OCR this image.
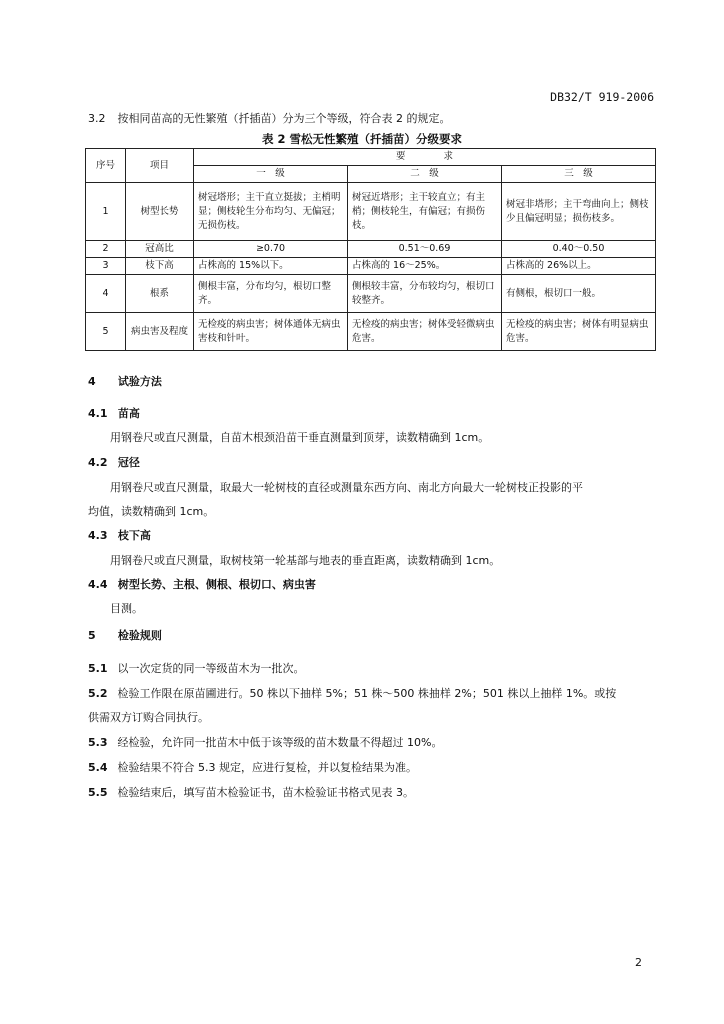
DB32/T 919-2006
3.2 按相同苗高的无性繁殖（扦插苗）分为三个等级，符合表 2 的规定。
表 2 雪松无性繁殖（扦插苗）分级要求
序号	项目	要　　　　求		
		一　级	二　级	三　级
1	树型长势	树冠塔形；主干直立挺拔；主梢明显；侧枝轮生分布均匀、无偏冠；无损伤枝。	树冠近塔形；主干较直立；有主梢；侧枝轮生，有偏冠；有损伤枝。	树冠非塔形；主干弯曲向上；侧枝少且偏冠明显；损伤枝多。
2	冠高比	≥0.70	0.51～0.69	0.40～0.50
3	枝下高	占株高的 15%以下。	占株高的 16～25%。	占株高的 26%以上。
4	根系	侧根丰富，分布均匀，根切口整齐。	侧根较丰富，分布较均匀，根切口较整齐。	有侧根，根切口一般。
5	病虫害及程度	无检疫的病虫害；树体通体无病虫害枝和针叶。	无检疫的病虫害；树体受轻微病虫危害。	无检疫的病虫害；树体有明显病虫危害。
4 试验方法
4.1 苗高
用钢卷尺或直尺测量，自苗木根颈沿苗干垂直测量到顶芽，读数精确到 1cm。
4.2 冠径
用钢卷尺或直尺测量，取最大一轮树枝的直径或测量东西方向、南北方向最大一轮树枝正投影的平
均值，读数精确到 1cm。
4.3 枝下高
用钢卷尺或直尺测量，取树枝第一轮基部与地表的垂直距离，读数精确到 1cm。
4.4 树型长势、主根、侧根、根切口、病虫害
目测。
5 检验规则
5.1 以一次定货的同一等级苗木为一批次。
5.2 检验工作限在原苗圃进行。50 株以下抽样 5%；51 株～500 株抽样 2%；501 株以上抽样 1%。或按
供需双方订购合同执行。
5.3 经检验，允许同一批苗木中低于该等级的苗木数量不得超过 10%。
5.4 检验结果不符合 5.3 规定，应进行复检，并以复检结果为准。
5.5 检验结束后，填写苗木检验证书，苗木检验证书格式见表 3。
2
